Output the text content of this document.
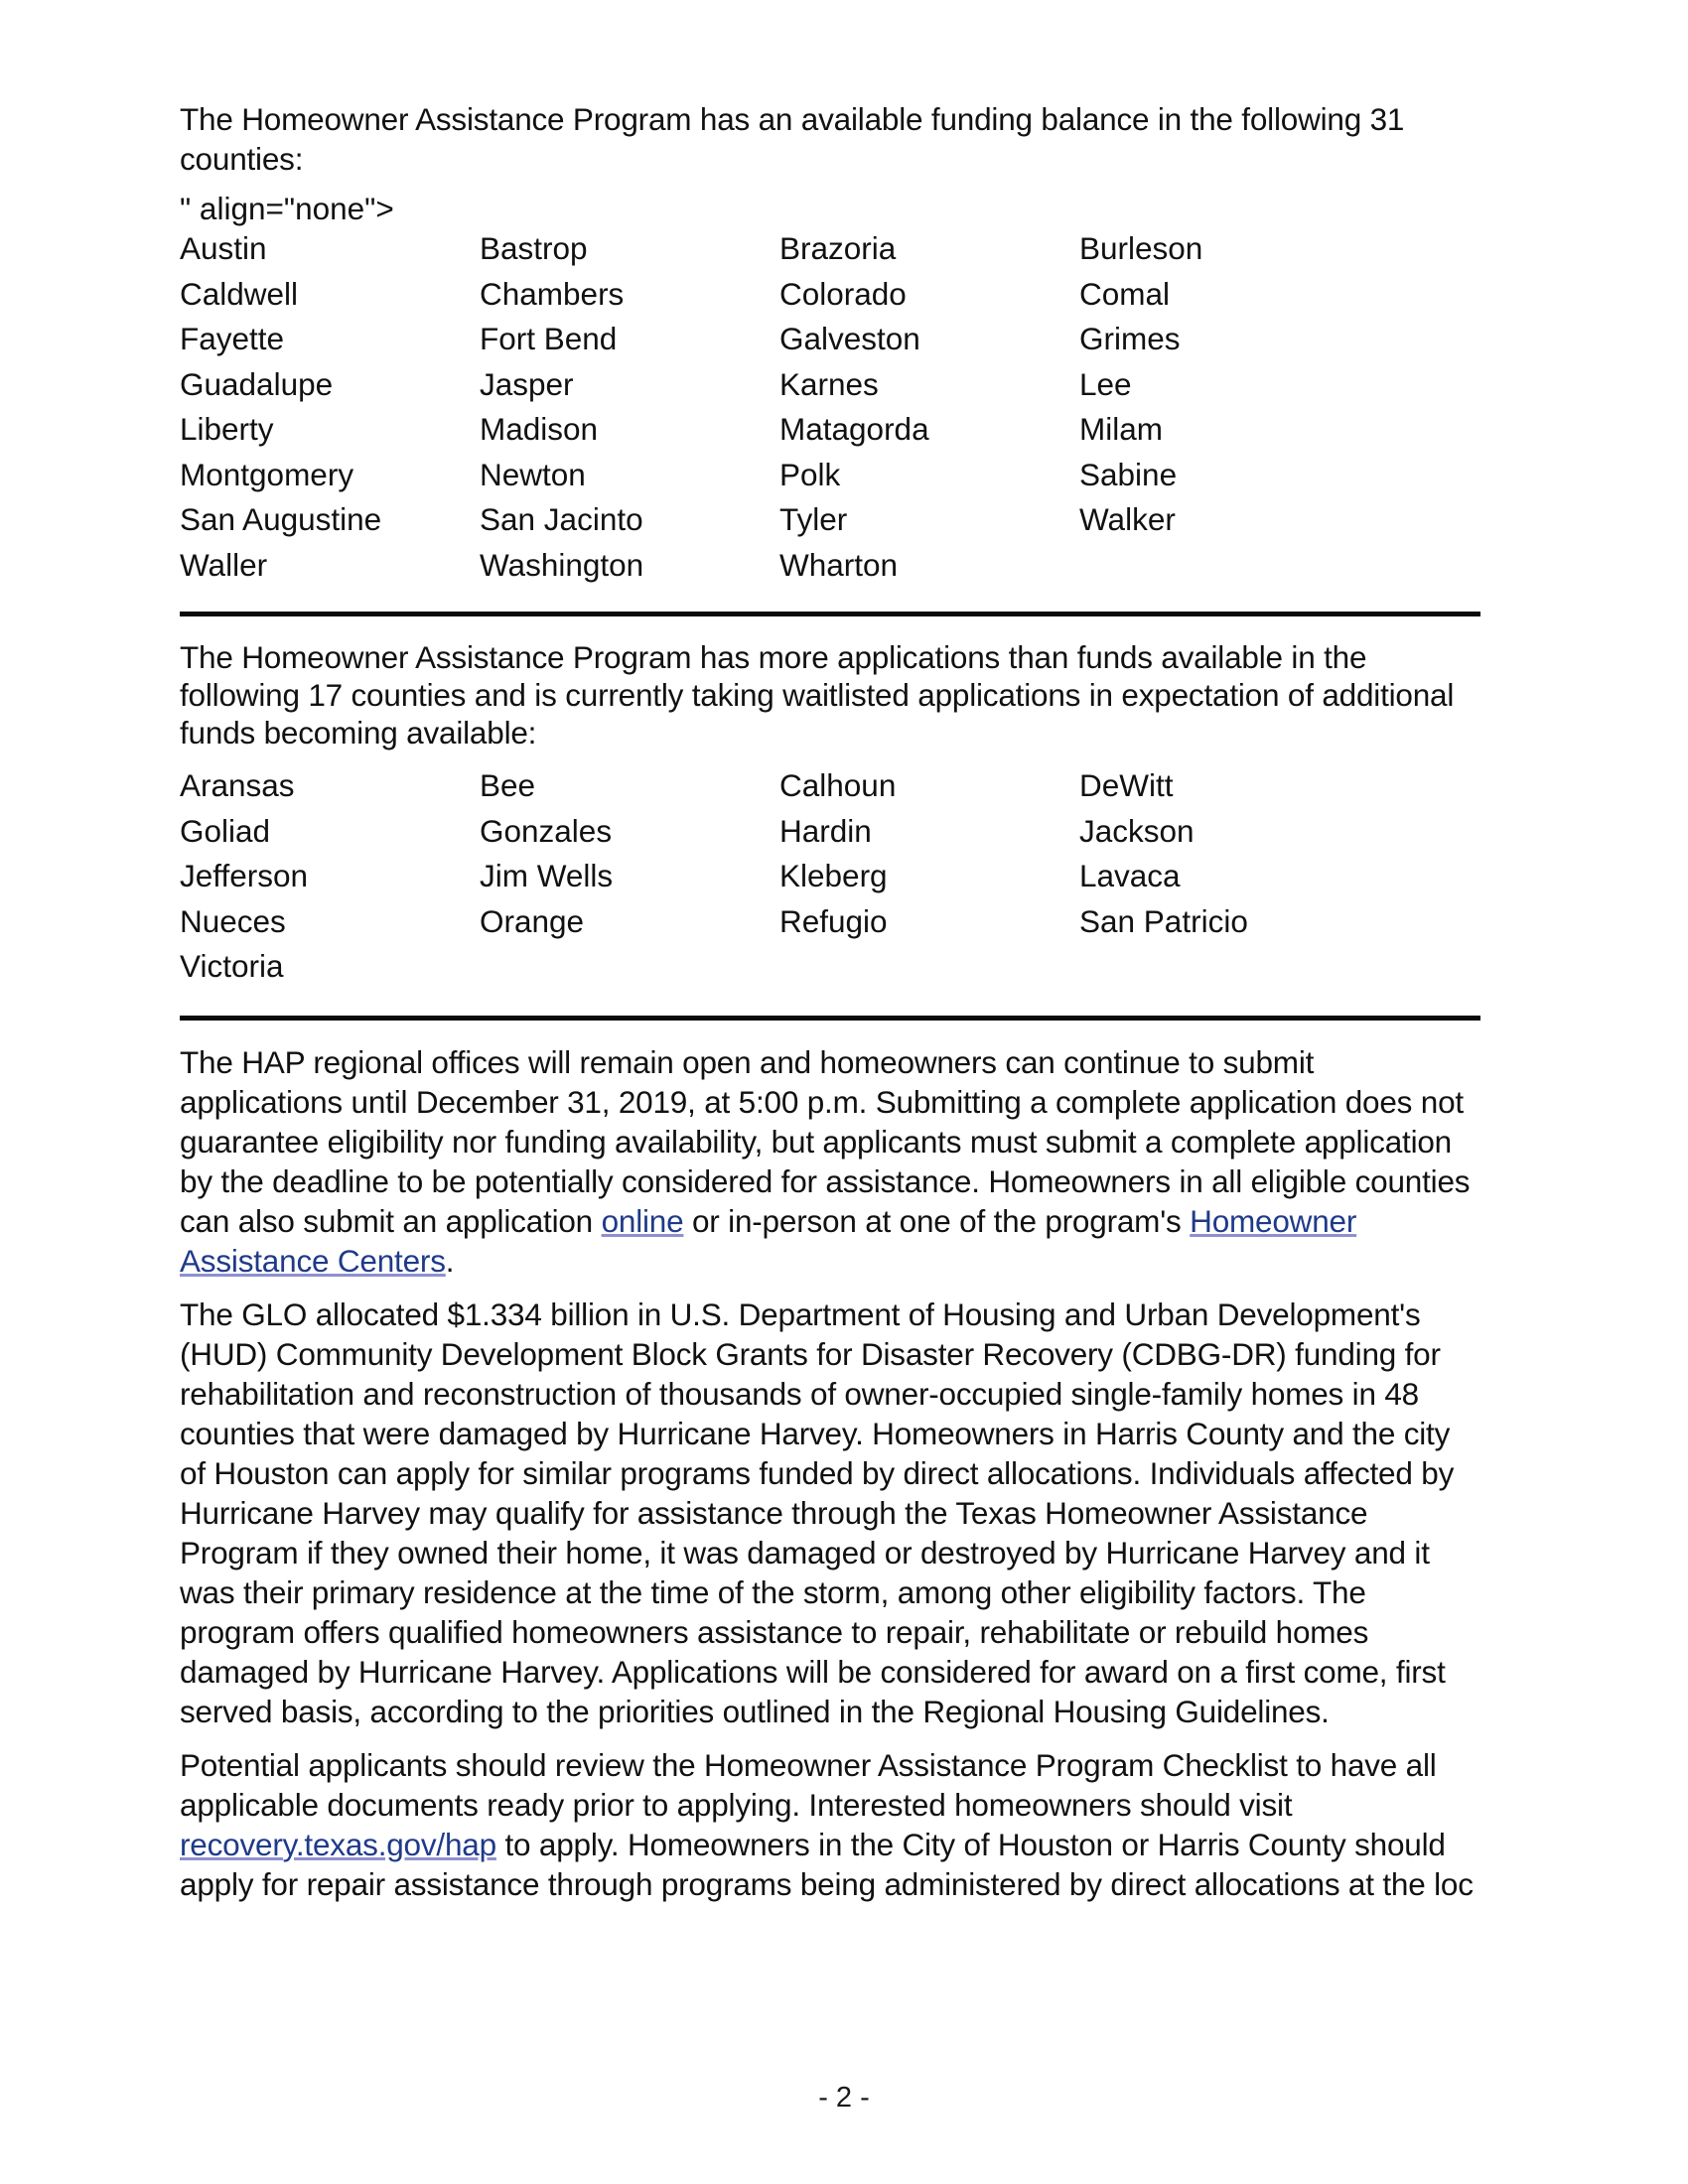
The Homeowner Assistance Program has an available funding balance in the following 31 counties:

" align="none">

Austin	Bastrop	Brazoria	Burleson
Caldwell	Chambers	Colorado	Comal
Fayette	Fort Bend	Galveston	Grimes
Guadalupe	Jasper	Karnes	Lee
Liberty	Madison	Matagorda	Milam
Montgomery	Newton	Polk	Sabine
San Augustine	San Jacinto	Tyler	Walker
Waller	Washington	Wharton

The Homeowner Assistance Program has more applications than funds available in the following 17 counties and is currently taking waitlisted applications in expectation of additional funds becoming available:

Aransas	Bee	Calhoun	DeWitt
Goliad	Gonzales	Hardin	Jackson
Jefferson	Jim Wells	Kleberg	Lavaca
Nueces	Orange	Refugio	San Patricio
Victoria

The HAP regional offices will remain open and homeowners can continue to submit applications until December 31, 2019, at 5:00 p.m. Submitting a complete application does not guarantee eligibility nor funding availability, but applicants must submit a complete application by the deadline to be potentially considered for assistance. Homeowners in all eligible counties can also submit an application online or in-person at one of the program's Homeowner Assistance Centers.

The GLO allocated $1.334 billion in U.S. Department of Housing and Urban Development's (HUD) Community Development Block Grants for Disaster Recovery (CDBG-DR) funding for rehabilitation and reconstruction of thousands of owner-occupied single-family homes in 48 counties that were damaged by Hurricane Harvey. Homeowners in Harris County and the city of Houston can apply for similar programs funded by direct allocations. Individuals affected by Hurricane Harvey may qualify for assistance through the Texas Homeowner Assistance Program if they owned their home, it was damaged or destroyed by Hurricane Harvey and it was their primary residence at the time of the storm, among other eligibility factors. The program offers qualified homeowners assistance to repair, rehabilitate or rebuild homes damaged by Hurricane Harvey. Applications will be considered for award on a first come, first served basis, according to the priorities outlined in the Regional Housing Guidelines.

Potential applicants should review the Homeowner Assistance Program Checklist to have all applicable documents ready prior to applying. Interested homeowners should visit recovery.texas.gov/hap to apply. Homeowners in the City of Houston or Harris County should apply for repair assistance through programs being administered by direct allocations at the loc

- 2 -
